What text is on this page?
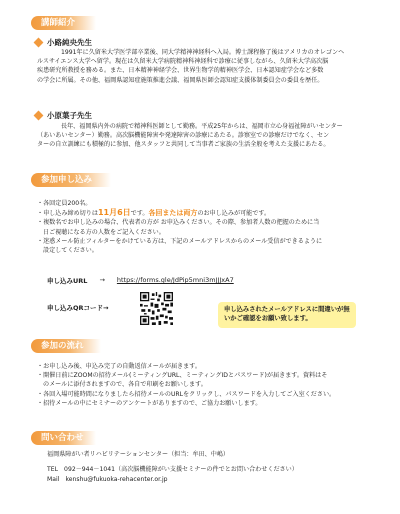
講師紹介
小路純央先生
1991年に久留米大学医学部卒業後、同大学精神神経科へ入局。博士課程修了後はアメリカのオレゴンヘ
ルスサイエンス大学へ留学。現在は久留米大学病院精神科神経科で診療に従事しながら、久留米大学高次脳
疾患研究所教授を務める。また、日本精神神経学会、世界生物学的精神医学会、日本認知症学会など多数
の学会に所属。その他、福岡県認知症施策推進会議、福岡県医師会認知症支援体制委員会の委員を歴任。
小原葉子先生
長年、福岡県内外の病院で精神科医師として勤務。平成25年からは、福岡市立心身福祉障がいセンター
（あいあいセンター）勤務。高次脳機能障害や発達障害の診療にあたる。診察室での診療だけでなく、セン
ターの自立訓練にも積極的に参加、他スタッフと共同して当事者ご家族の生活全般を考えた支援にあたる。
参加申し込み
・各回定員200名。
・申し込み締め切りは11月6日です。各回または両方のお申し込みが可能です。
・複数名でお申し込みの場合、代表者の方が お申込みください。その際、参加者人数の把握のために当
日ご視聴になる方の人数をご記入ください。
・迷惑メール防止フィルターをかけている方は、下記のメールアドレスからのメール受信ができるように
設定してください。
申し込みURL → https://forms.gle/JdPip5mni3mJJJxA7
申し込みQRコード→	申し込みされたメールアドレスに間違いが無いかご確認をお願い致します。
参加の流れ
・お申し込み後、申込み完了の自動返信メールが届きます。
・開催日前にZOOMの招待メール(ミーティングURL、ミーティングIDとパスワード)が届きます。資料はそ
のメールに添付されますので、各自で印刷をお願いします。
・各回入場可能時間になりましたら招待メールのURLをクリックし、パスワードを入力してご入室ください。
・招待メールの中にセミナーのアンケートがありますので、ご協力お願いします。
問い合わせ
福岡県障がい者リハビリテーションセンター（担当：牟田、中嶋）
TEL　092－944－1041（高次脳機能障がい支援セミナーの件でとお問い合わせください）
Mail　kenshu@fukuoka-rehacenter.or.jp
